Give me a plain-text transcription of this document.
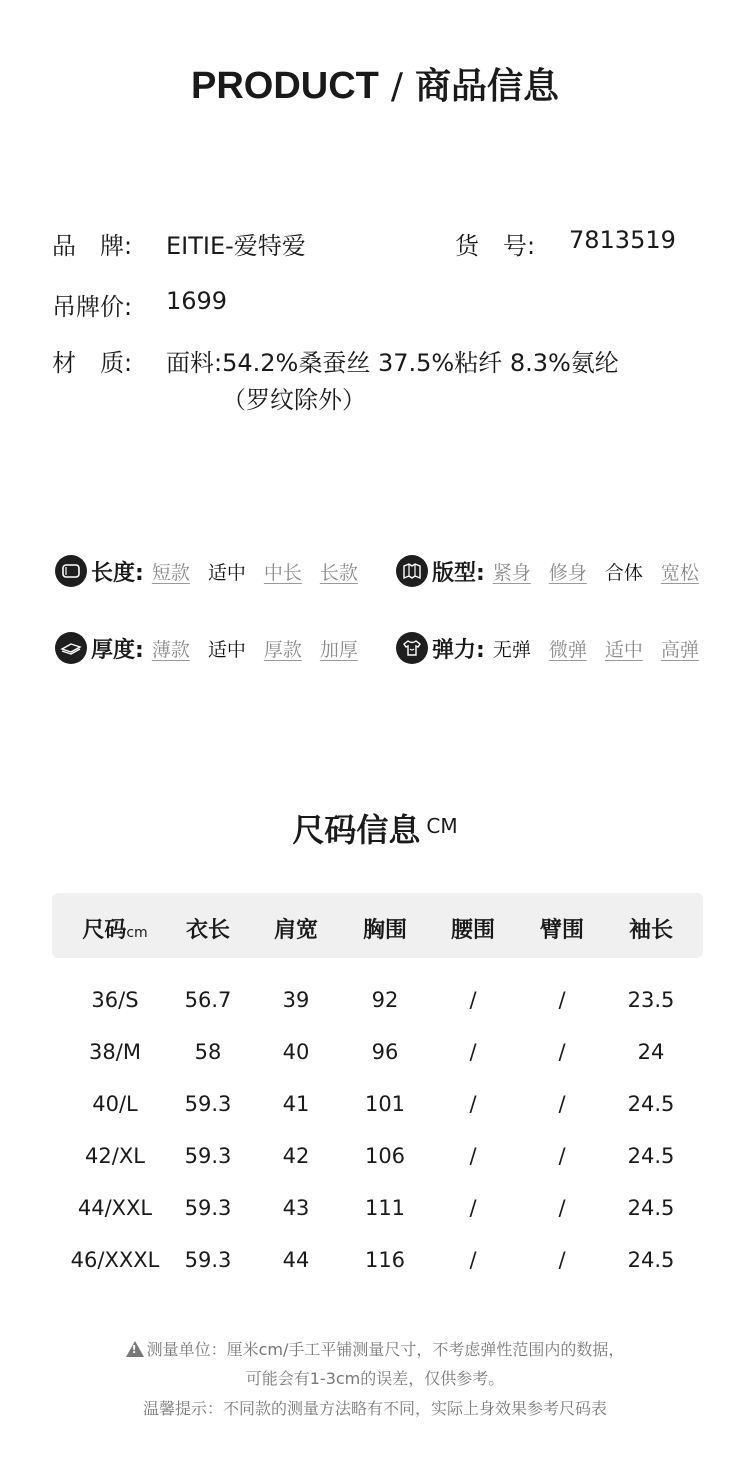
PRODUCT / 商品信息
品　牌:	EITIE-爱特爱	货　号:	7813519
吊牌价:	1699
材　质:	面料:54.2%桑蚕丝 37.5%粘纤 8.3%氨纶
（罗纹除外）
长度: 短款 适中 中长 长款	版型: 紧身 修身 合体 宽松
厚度: 薄款 适中 厚款 加厚	弹力: 无弹 微弹 适中 高弹
尺码信息 $^{CM}$
尺码cm	衣长	肩宽	胸围	腰围	臂围	袖长
36/S	56.7	39	92	/	/	23.5
38/M	58	40	96	/	/	24
40/L	59.3	41	101	/	/	24.5
42/XL	59.3	42	106	/	/	24.5
44/XXL	59.3	43	111	/	/	24.5
46/XXXL	59.3	44	116	/	/	24.5
!测量单位：厘米cm/手工平铺测量尺寸，不考虑弹性范围内的数据，
可能会有1-3cm的误差，仅供参考。
温馨提示：不同款的测量方法略有不同，实际上身效果参考尺码表
